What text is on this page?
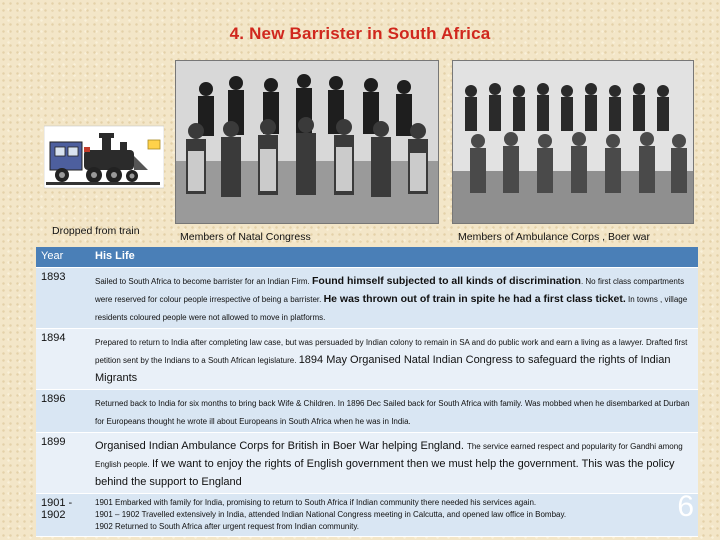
4. New Barrister in South Africa
Dropped from train	Members of Natal Congress	Members of Ambulance Corps , Boer war
Year	His Life
1893	Sailed to South Africa to become barrister for an Indian Firm. Found himself subjected to all kinds of discrimination. No first class compartments were reserved for colour people irrespective of being a barrister. He was thrown out of train in spite he had a first class ticket. In towns , village residents coloured people were not allowed to move in platforms.
1894	Prepared to return to India after completing law case, but was persuaded by Indian colony to remain in SA and do public work and earn a living as a lawyer. Drafted first petition sent by the Indians to a South African legislature. 1894 May Organised Natal Indian Congress to safeguard the rights of Indian Migrants
1896	Returned back to India for six months to bring back Wife & Children. In 1896 Dec Sailed back for South Africa with family. Was mobbed when he disembarked at Durban for Europeans thought he wrote ill about Europeans in South Africa when he was in India.
1899	Organised Indian Ambulance Corps for British in Boer War helping England. The service earned respect and popularity for Gandhi among English people. If we want to enjoy the rights of English government then we must help the government. This was the policy behind the support to England
1901 - 1902	1901 Embarked with family for India, promising to return to South Africa if Indian community there needed his services again.
1901 – 1902 Travelled extensively in India, attended Indian National Congress meeting in Calcutta, and opened law office in Bombay.
1902 Returned to South Africa after urgent request from Indian community.
6
